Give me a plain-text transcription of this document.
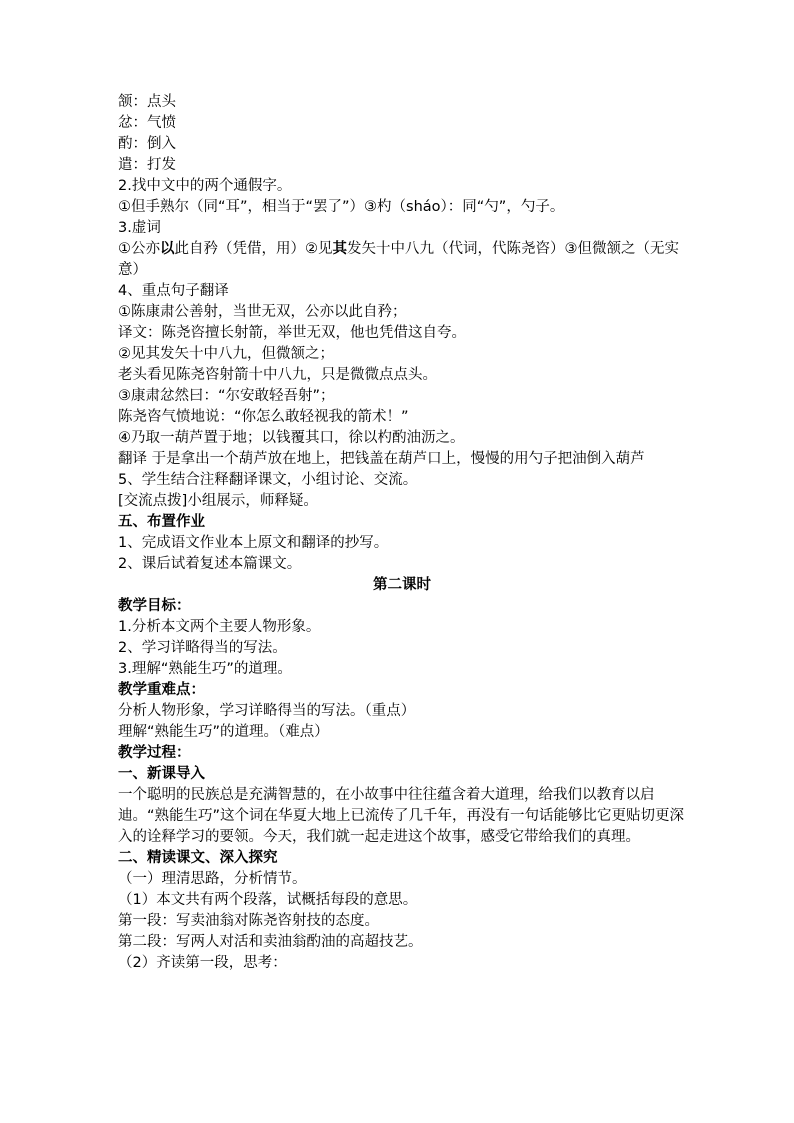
颔：点头
忿：气愤
酌：倒入
遣：打发
2.找中文中的两个通假字。
①但手熟尔（同“耳”，相当于“罢了”）③杓（sháo）：同“勺”，勺子。
3.虚词
①公亦以此自矜（凭借，用）②见其发矢十中八九（代词，代陈尧咨）③但微颔之（无实意）
4、重点句子翻译
①陈康肃公善射，当世无双，公亦以此自矜；
译文：陈尧咨擅长射箭，举世无双，他也凭借这自夸。
②见其发矢十中八九，但微颔之；
老头看见陈尧咨射箭十中八九，只是微微点点头。
③康肃忿然曰：“尔安敢轻吾射”；
陈尧咨气愤地说：“你怎么敢轻视我的箭术！”
④乃取一葫芦置于地；以钱覆其口，徐以杓酌油沥之。
翻译 于是拿出一个葫芦放在地上，把钱盖在葫芦口上，慢慢的用勺子把油倒入葫芦
5、学生结合注释翻译课文，小组讨论、交流。
[交流点拨]小组展示，师释疑。
五、布置作业
1、完成语文作业本上原文和翻译的抄写。
2、课后试着复述本篇课文。
第二课时
教学目标：
1.分析本文两个主要人物形象。
2、学习详略得当的写法。
3.理解“熟能生巧”的道理。
教学重难点：
分析人物形象，学习详略得当的写法。（重点）
理解“熟能生巧”的道理。（难点）
教学过程：
一、新课导入
一个聪明的民族总是充满智慧的，在小故事中往往蕴含着大道理，给我们以教育以启迪。“熟能生巧”这个词在华夏大地上已流传了几千年，再没有一句话能够比它更贴切更深入的诠释学习的要领。今天，我们就一起走进这个故事，感受它带给我们的真理。
二、精读课文、深入探究
（一）理清思路，分析情节。
（1）本文共有两个段落，试概括每段的意思。
第一段：写卖油翁对陈尧咨射技的态度。
第二段：写两人对活和卖油翁酌油的高超技艺。
（2）齐读第一段，思考：
